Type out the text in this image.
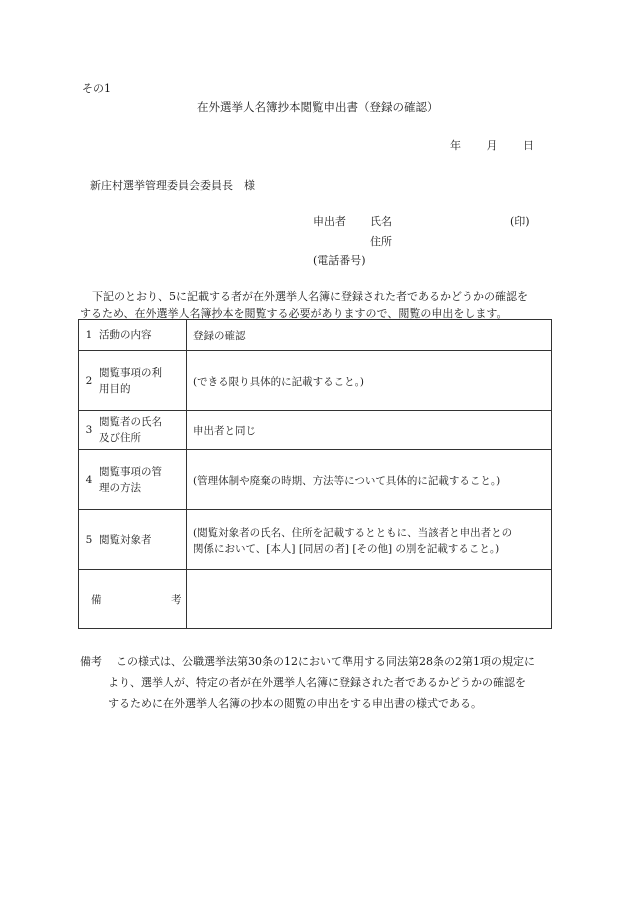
その1
在外選挙人名簿抄本閲覧申出書（登録の確認）
年 月 日
新庄村選挙管理委員会委員長　様
申出者 氏名	(印)
住所
(電話番号)
下記のとおり、5に記載する者が在外選挙人名簿に登録された者であるかどうかの確認を
するため、在外選挙人名簿抄本を閲覧する必要がありますので、閲覧の申出をします。
1 活動の内容	登録の確認

2
閲覧事項の利
用目的	(できる限り具体的に記載すること。)

3
閲覧者の氏名
及び住所	申出者と同じ

4
閲覧事項の管
理の方法	(管理体制や廃棄の時期、方法等について具体的に記載すること。)

5 閲覧対象者	(閲覧対象者の氏名、住所を記載するとともに、当該者と申出者との
関係において、[本人] [同居の者] [その他] の別を記載すること。)

備 考	

備考 この様式は、公職選挙法第30条の12において準用する同法第28条の2第1項の規定に
より、選挙人が、特定の者が在外選挙人名簿に登録された者であるかどうかの確認を
するために在外選挙人名簿の抄本の閲覧の申出をする申出書の様式である。
